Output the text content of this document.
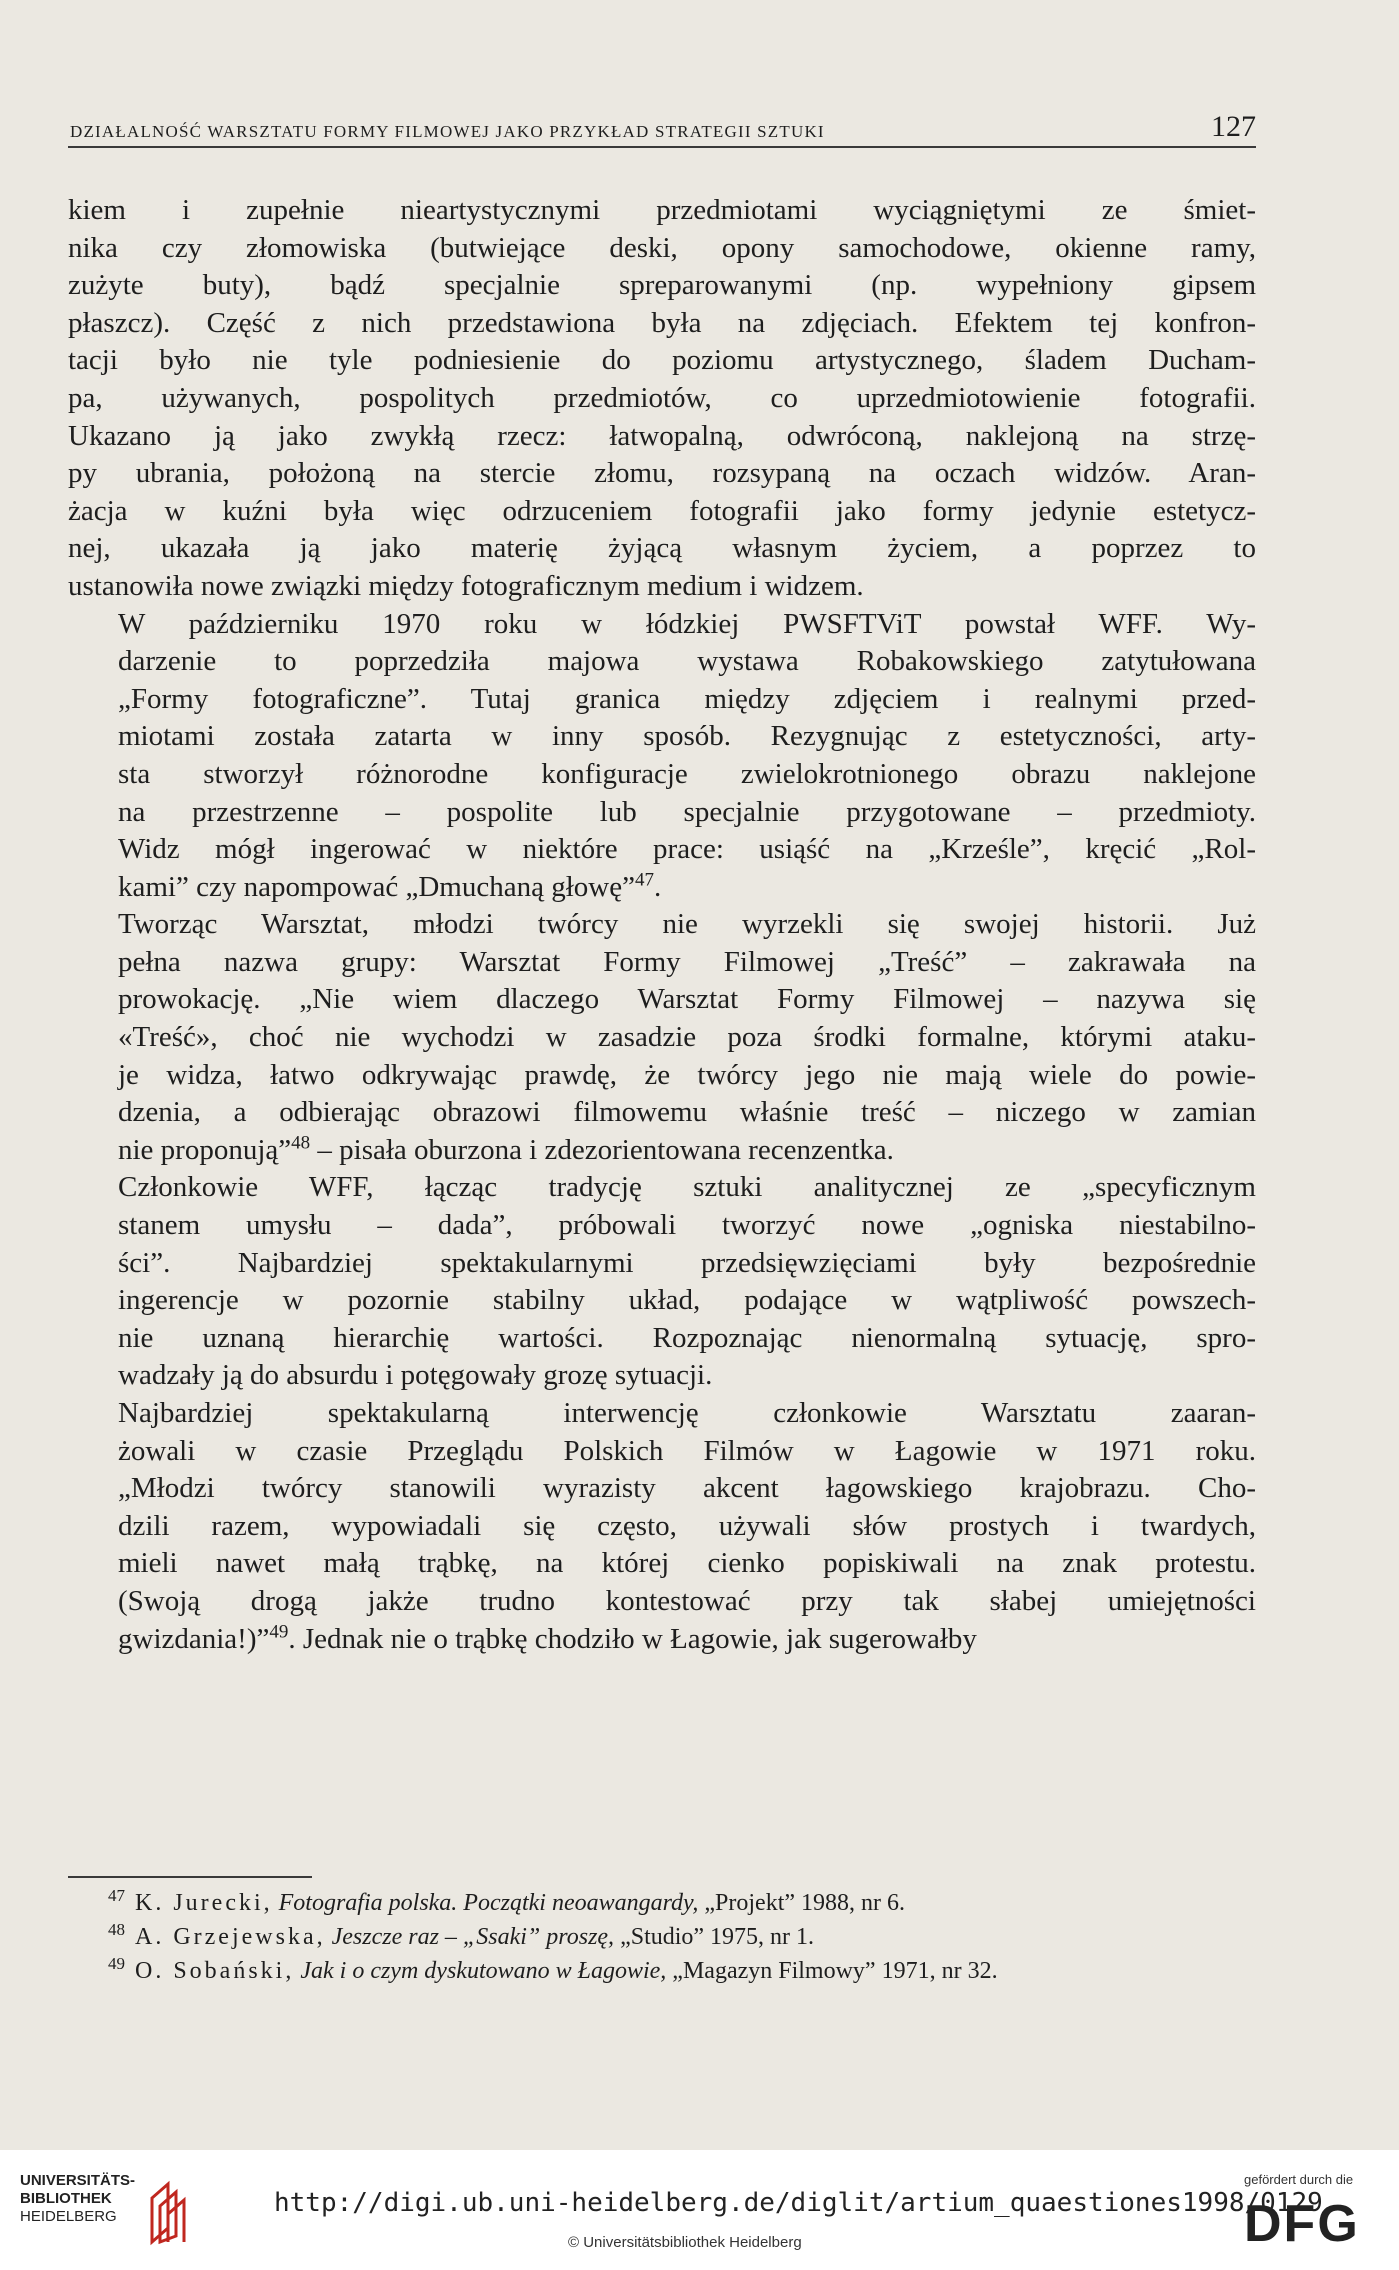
DZIAŁALNOŚĆ WARSZTATU FORMY FILMOWEJ JAKO PRZYKŁAD STRATEGII SZTUKI	127

kiem i zupełnie nieartystycznymi przedmiotami wyciągniętymi ze śmiet-
nika czy złomowiska (butwiejące deski, opony samochodowe, okienne ramy,
zużyte buty), bądź specjalnie spreparowanymi (np. wypełniony gipsem
płaszcz). Część z nich przedstawiona była na zdjęciach. Efektem tej konfron-
tacji było nie tyle podniesienie do poziomu artystycznego, śladem Ducham-
pa, używanych, pospolitych przedmiotów, co uprzedmiotowienie fotografii.
Ukazano ją jako zwykłą rzecz: łatwopalną, odwróconą, naklejoną na strzę-
py ubrania, położoną na stercie złomu, rozsypaną na oczach widzów. Aran-
żacja w kuźni była więc odrzuceniem fotografii jako formy jedynie estetycz-
nej, ukazała ją jako materię żyjącą własnym życiem, a poprzez to
ustanowiła nowe związki między fotograficznym medium i widzem.

W październiku 1970 roku w łódzkiej PWSFTViT powstał WFF. Wy-
darzenie to poprzedziła majowa wystawa Robakowskiego zatytułowana
„Formy fotograficzne”. Tutaj granica między zdjęciem i realnymi przed-
miotami została zatarta w inny sposób. Rezygnując z estetyczności, arty-
sta stworzył różnorodne konfiguracje zwielokrotnionego obrazu naklejone
na przestrzenne – pospolite lub specjalnie przygotowane – przedmioty.
Widz mógł ingerować w niektóre prace: usiąść na „Krześle”, kręcić „Rol-
kami” czy napompować „Dmuchaną głowę”$^{47}$.

Tworząc Warsztat, młodzi twórcy nie wyrzekli się swojej historii. Już
pełna nazwa grupy: Warsztat Formy Filmowej „Treść” – zakrawała na
prowokację. „Nie wiem dlaczego Warsztat Formy Filmowej – nazywa się
«Treść», choć nie wychodzi w zasadzie poza środki formalne, którymi ataku-
je widza, łatwo odkrywając prawdę, że twórcy jego nie mają wiele do powie-
dzenia, a odbierając obrazowi filmowemu właśnie treść – niczego w zamian
nie proponują”$^{48}$ – pisała oburzona i zdezorientowana recenzentka.

Członkowie WFF, łącząc tradycję sztuki analitycznej ze „specyficznym
stanem umysłu – dada”, próbowali tworzyć nowe „ogniska niestabilno-
ści”. Najbardziej spektakularnymi przedsięwzięciami były bezpośrednie
ingerencje w pozornie stabilny układ, podające w wątpliwość powszech-
nie uznaną hierarchię wartości. Rozpoznając nienormalną sytuację, spro-
wadzały ją do absurdu i potęgowały grozę sytuacji.

Najbardziej spektakularną interwencję członkowie Warsztatu zaaran-
żowali w czasie Przeglądu Polskich Filmów w Łagowie w 1971 roku.
„Młodzi twórcy stanowili wyrazisty akcent łagowskiego krajobrazu. Cho-
dzili razem, wypowiadali się często, używali słów prostych i twardych,
mieli nawet małą trąbkę, na której cienko popiskiwali na znak protestu.
(Swoją drogą jakże trudno kontestować przy tak słabej umiejętności
gwizdania!)”$^{49}$. Jednak nie o trąbkę chodziło w Łagowie, jak sugerowałby

$^{47}$ K. Jurecki, Fotografia polska. Początki neoawangardy, „Projekt” 1988, nr 6.
$^{48}$ A. Grzejewska, Jeszcze raz – „Ssaki” proszę, „Studio” 1975, nr 1.
$^{49}$ O. Sobański, Jak i o czym dyskutowano w Łagowie, „Magazyn Filmowy” 1971, nr 32.
UNIVERSITÄTS-
BIBLIOTHEK
HEIDELBERG	http://digi.ub.uni-heidelberg.de/diglit/artium_quaestiones1998/0129
© Universitätsbibliothek Heidelberg
gefördert durch die
DFG
